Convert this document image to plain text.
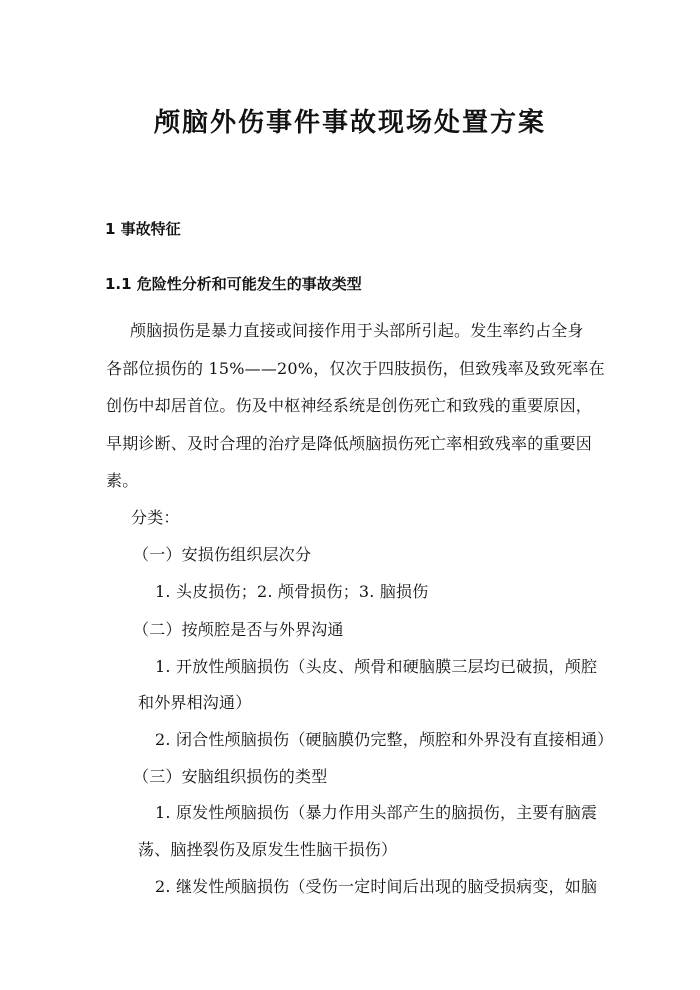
颅脑外伤事件事故现场处置方案
1 事故特征
1.1 危险性分析和可能发生的事故类型

颅脑损伤是暴力直接或间接作用于头部所引起。发生率约占全身

各部位损伤的 15%——20%，仅次于四肢损伤，但致残率及致死率在

创伤中却居首位。伤及中枢神经系统是创伤死亡和致残的重要原因，

早期诊断、及时合理的治疗是降低颅脑损伤死亡率相致残率的重要因

素。

分类：

（一）安损伤组织层次分

1. 头皮损伤；2. 颅骨损伤；3. 脑损伤

（二）按颅腔是否与外界沟通

1. 开放性颅脑损伤（头皮、颅骨和硬脑膜三层均已破损，颅腔

和外界相沟通）

2. 闭合性颅脑损伤（硬脑膜仍完整，颅腔和外界没有直接相通）

（三）安脑组织损伤的类型

1. 原发性颅脑损伤（暴力作用头部产生的脑损伤，主要有脑震

荡、脑挫裂伤及原发生性脑干损伤）

2. 继发性颅脑损伤（受伤一定时间后出现的脑受损病变，如脑
